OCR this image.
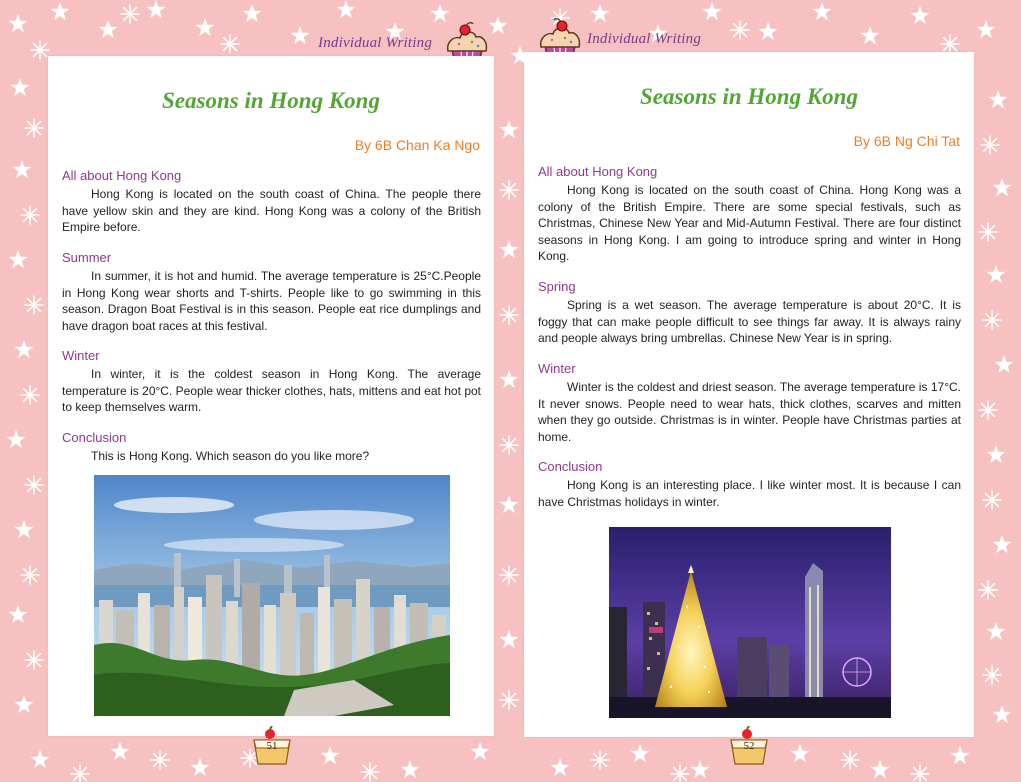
Individual Writing
Seasons in Hong Kong
By 6B Chan Ka Ngo
All about Hong Kong

Hong Kong is located on the south coast of China. The people there have yellow skin and they are kind. Hong Kong was a colony of the British Empire before.

Summer

In summer, it is hot and humid. The average temperature is 25°C.People in Hong Kong wear shorts and T-shirts. People like to go swimming in this season. Dragon Boat Festival is in this season. People eat rice dumplings and have dragon boat races at this festival.

Winter

In winter, it is the coldest season in Hong Kong. The average temperature is 20°C. People wear thicker clothes, hats, mittens and eat hot pot to keep themselves warm.

Conclusion

This is Hong Kong. Which season do you like more?

51
Individual Writing
Seasons in Hong Kong
By 6B Ng Chi Tat
All about Hong Kong

Hong Kong is located on the south coast of China. Hong Kong was a colony of the British Empire. There are some special festivals, such as Christmas, Chinese New Year and Mid-Autumn Festival. There are four distinct seasons in Hong Kong. I am going to introduce spring and winter in Hong Kong.

Spring

Spring is a wet season. The average temperature is about 20°C. It is foggy that can make people difficult to see things far away. It is always rainy and people always bring umbrellas. Chinese New Year is in spring.

Winter

Winter is the coldest and driest season. The average temperature is 17°C. It never snows. People need to wear hats, thick clothes, scarves and mitten when they go outside. Christmas is in winter. People have Christmas parties at home.

Conclusion

Hong Kong is an interesting place. I like winter most. It is because I can have Christmas holidays in winter.

52
